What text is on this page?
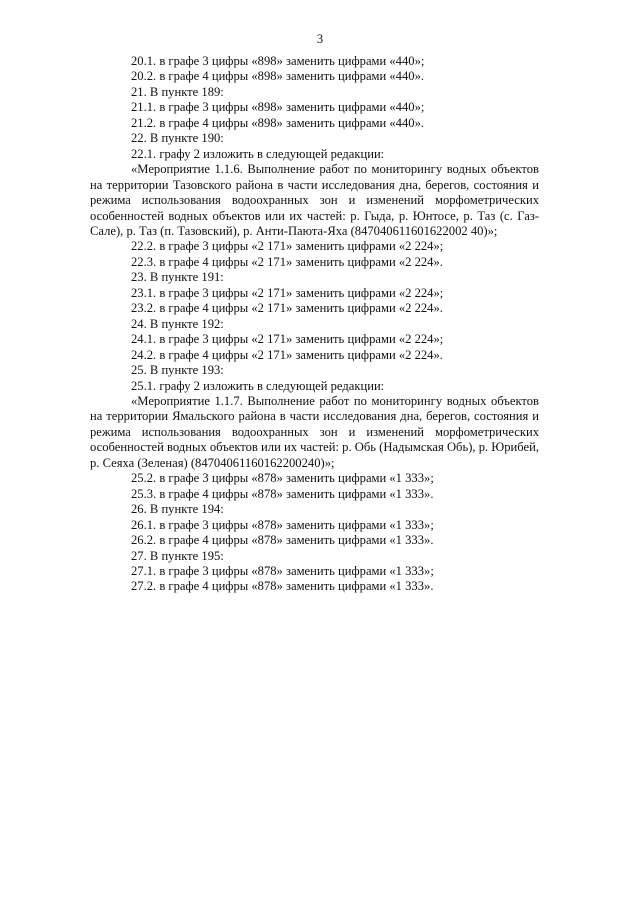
3
20.1. в графе 3 цифры «898» заменить цифрами «440»;
20.2. в графе 4 цифры «898» заменить цифрами «440».
21. В пункте 189:
21.1. в графе 3 цифры «898» заменить цифрами «440»;
21.2. в графе 4 цифры «898» заменить цифрами «440».
22. В пункте 190:
22.1. графу 2 изложить в следующей редакции:
«Мероприятие 1.1.6. Выполнение работ по мониторингу водных объектов на территории Тазовского района в части исследования дна, берегов, состояния и режима использования водоохранных зон и изменений морфометрических особенностей водных объектов или их частей: р. Гыда, р. Юнтосе, р. Таз (с. Газ-Сале), р. Таз (п. Тазовский), р. Анти-Паюта-Яха (847040611601622002 40)»;
22.2. в графе 3 цифры «2 171» заменить цифрами «2 224»;
22.3. в графе 4 цифры «2 171» заменить цифрами «2 224».
23. В пункте 191:
23.1. в графе 3 цифры «2 171» заменить цифрами «2 224»;
23.2. в графе 4 цифры «2 171» заменить цифрами «2 224».
24. В пункте 192:
24.1. в графе 3 цифры «2 171» заменить цифрами «2 224»;
24.2. в графе 4 цифры «2 171» заменить цифрами «2 224».
25. В пункте 193:
25.1. графу 2 изложить в следующей редакции:
«Мероприятие 1.1.7. Выполнение работ по мониторингу водных объектов на территории Ямальского района в части исследования дна, берегов, состояния и режима использования водоохранных зон и изменений морфометрических особенностей водных объектов или их частей: р. Обь (Надымская Обь), р. Юрибей, р. Сеяха (Зеленая) (84704061160162200240)»;
25.2. в графе 3 цифры «878» заменить цифрами «1 333»;
25.3. в графе 4 цифры «878» заменить цифрами «1 333».
26. В пункте 194:
26.1. в графе 3 цифры «878» заменить цифрами «1 333»;
26.2. в графе 4 цифры «878» заменить цифрами «1 333».
27. В пункте 195:
27.1. в графе 3 цифры «878» заменить цифрами «1 333»;
27.2. в графе 4 цифры «878» заменить цифрами «1 333».
